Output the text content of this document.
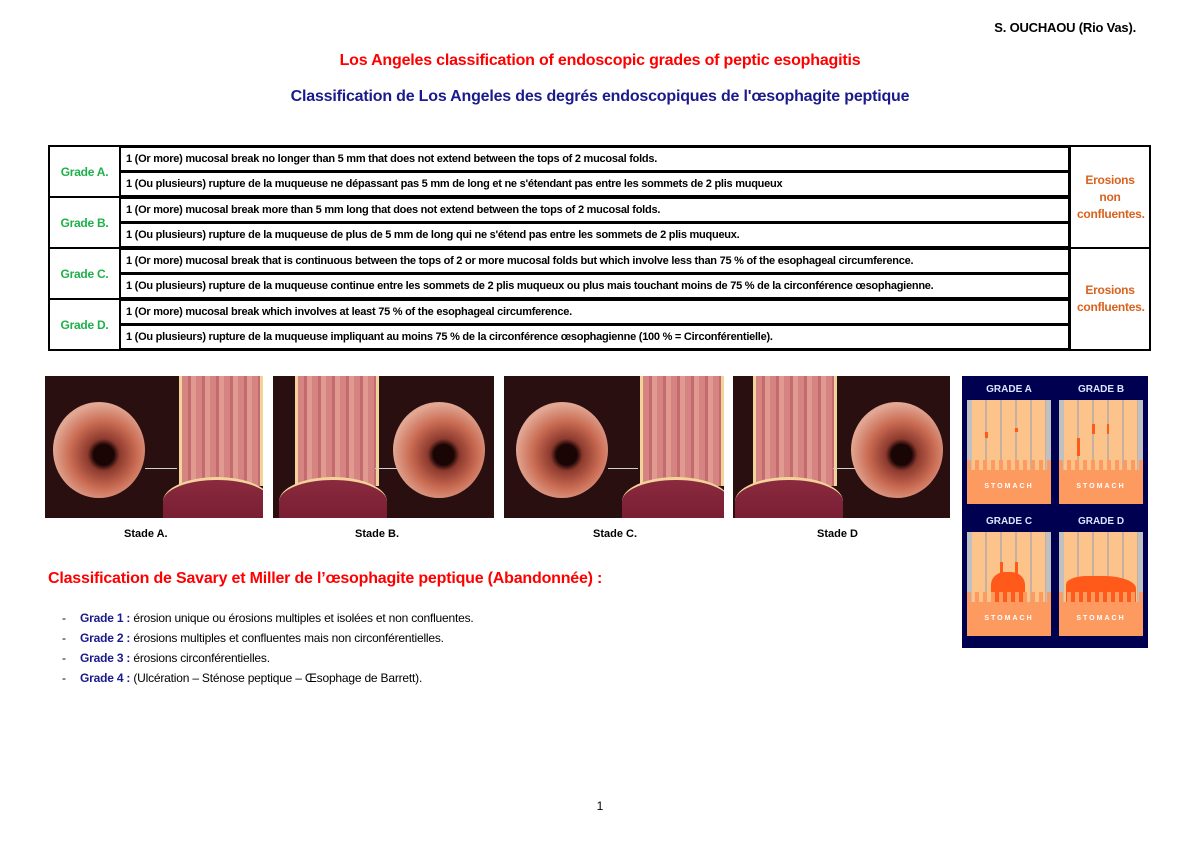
S. OUCHAOU (Rio Vas).
Los Angeles classification of endoscopic grades of peptic esophagitis
Classification de Los Angeles des degrés endoscopiques de l'œsophagite peptique
Grade A.	1 (Or more) mucosal break no longer than 5 mm that does not extend between the tops of 2 mucosal folds.	Erosions non confluentes.
	1 (Ou plusieurs) rupture de la muqueuse ne dépassant pas 5 mm de long et ne s'étendant pas entre les sommets de 2 plis muqueux	
Grade B.	1 (Or more) mucosal break more than 5 mm long that does not extend between the tops of 2 mucosal folds.	
	1 (Ou plusieurs) rupture de la muqueuse de plus de 5 mm de long qui ne s'étend pas entre les sommets de 2 plis muqueux.	
Grade C.	1 (Or more) mucosal break that is continuous between the tops of 2 or more mucosal folds but which involve less than 75 % of the esophageal circumference.	Erosions confluentes.
	1 (Ou plusieurs) rupture de la muqueuse continue entre les sommets de 2 plis muqueux ou plus mais touchant moins de 75 % de la circonférence œsophagienne.	
Grade D.	1 (Or more) mucosal break which involves at least 75 % of the esophageal circumference.	
	1 (Ou plusieurs) rupture de la muqueuse impliquant au moins 75 % de la circonférence œsophagienne (100 % = Circonférentielle).	
Stade A.	Stade B.	Stade C.	Stade D
GRADE A
STOMACH
GRADE B
STOMACH
GRADE C
STOMACH
GRADE D
STOMACH
Classification de Savary et Miller de l’œsophagite peptique (Abandonnée) :
- Grade 1 : érosion unique ou érosions multiples et isolées et non confluentes.
- Grade 2 : érosions multiples et confluentes mais non circonférentielles.
- Grade 3 : érosions circonférentielles.
- Grade 4 : (Ulcération – Sténose peptique – Œsophage de Barrett).
1
